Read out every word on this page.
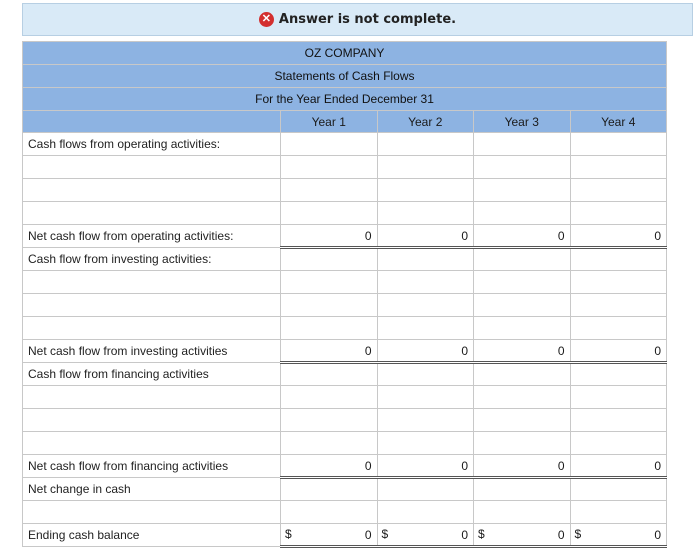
✕ Answer is not complete.
OZ COMPANY				
Statements of Cash Flows				
For the Year Ended December 31				
	Year 1	Year 2	Year 3	Year 4
Cash flows from operating activities:				

Net cash flow from operating activities:	0	0	0	0
Cash flow from investing activities:				

Net cash flow from investing activities	0	0	0	0
Cash flow from financing activities				

Net cash flow from financing activities	0	0	0	0
Net change in cash				

Ending cash balance	$ 0	$ 0	$ 0	$ 0
